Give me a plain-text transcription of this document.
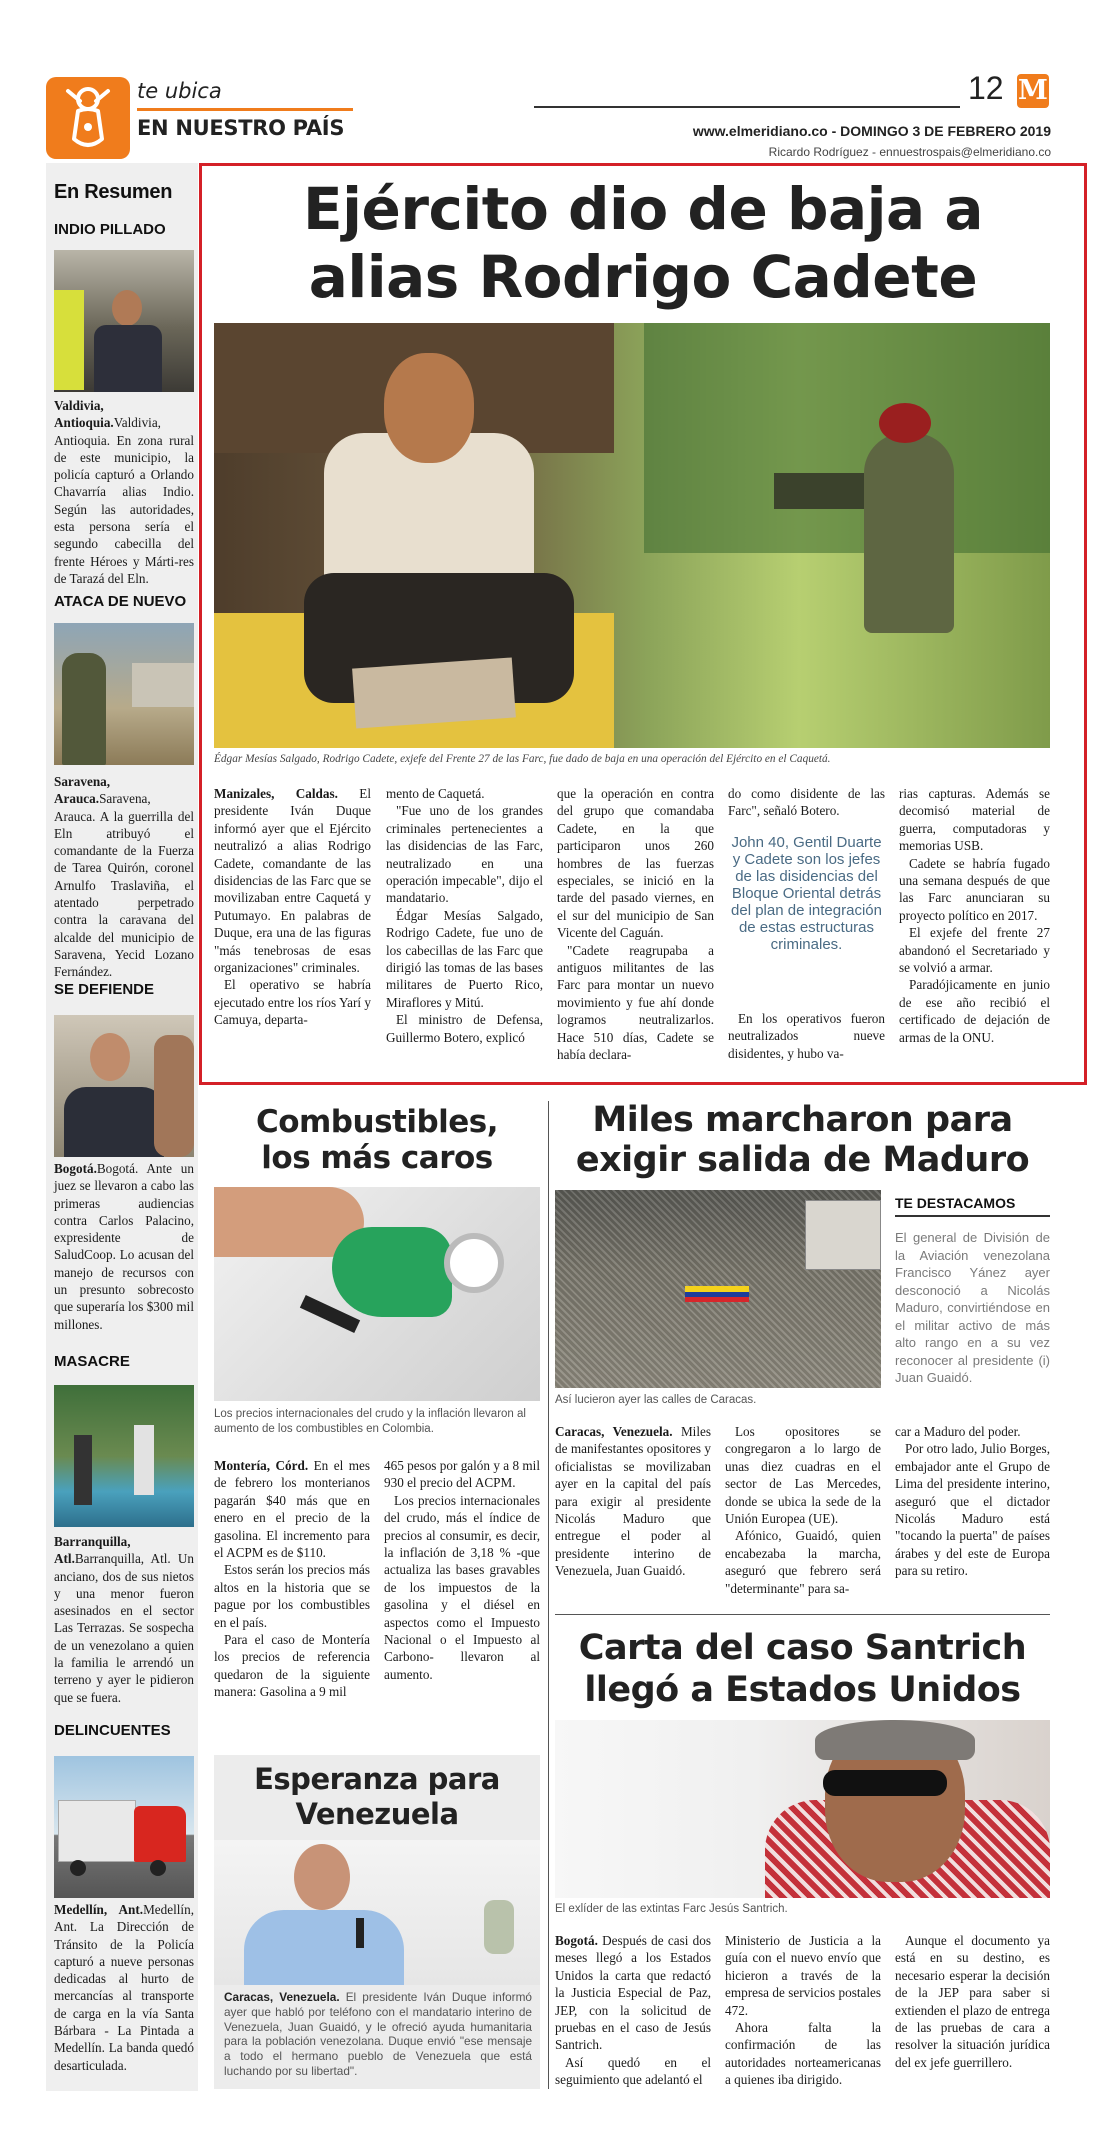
te ubica
EN NUESTRO PAÍS
12 M
www.elmeridiano.co - DOMINGO 3 DE FEBRERO 2019
Ricardo Rodríguez - ennuestrospais@elmeridiano.co
En Resumen
INDIO PILLADO
Valdivia, Antioquia.Valdivia, Antioquia. En zona rural de este municipio, la policía capturó a Orlando Chavarría alias Indio. Según las autoridades, esta persona sería el segundo cabecilla del frente Héroes y Márti-res de Tarazá del Eln.
ATACA DE NUEVO
Saravena, Arauca.Saravena, Arauca. A la guerrilla del Eln atribuyó el comandante de la Fuerza de Tarea Quirón, coronel Arnulfo Traslaviña, el atentado perpetrado contra la caravana del alcalde del municipio de Saravena, Yecid Lozano Fernández.
SE DEFIENDE
Bogotá.Bogotá. Ante un juez se llevaron a cabo las primeras audiencias contra Carlos Palacino, expresidente de SaludCoop. Lo acusan del manejo de recursos con un presunto sobrecosto que superaría los $300 mil millones.
MASACRE
Barranquilla, Atl.Barranquilla, Atl. Un anciano, dos de sus nietos y una menor fueron asesinados en el sector Las Terrazas. Se sospecha de un venezolano a quien la familia le arrendó un terreno y ayer le pidieron que se fuera.
DELINCUENTES
Medellín, Ant.Medellín, Ant. La Dirección de Tránsito de la Policía capturó a nueve personas dedicadas al hurto de mercancías al transporte de carga en la vía Santa Bárbara - La Pintada a Medellín. La banda quedó desarticulada.
Ejército dio de baja a
alias Rodrigo Cadete
Édgar Mesías Salgado, Rodrigo Cadete, exjefe del Frente 27 de las Farc, fue dado de baja en una operación del Ejército en el Caquetá.

Manizales, Caldas. El presidente Iván Duque informó ayer que el Ejército neutralizó a alias Rodrigo Cadete, comandante de las disidencias de las Farc que se movilizaban entre Caquetá y Putumayo. En palabras de Duque, era una de las figuras "más tenebrosas de esas organizaciones" criminales.

El operativo se habría ejecutado entre los ríos Yarí y Camuya, departa-

mento de Caquetá.

"Fue uno de los grandes criminales pertenecientes a las disidencias de las Farc, neutralizado en una operación impecable", dijo el mandatario.

Édgar Mesías Salgado, Rodrigo Cadete, fue uno de los cabecillas de las Farc que dirigió las tomas de las bases militares de Puerto Rico, Miraflores y Mitú.

El ministro de Defensa, Guillermo Botero, explicó

que la operación en contra del grupo que comandaba Cadete, en la que participaron unos 260 hombres de las fuerzas especiales, se inició en la tarde del pasado viernes, en el sur del municipio de San Vicente del Caguán.

"Cadete reagrupaba a antiguos militantes de las Farc para montar un nuevo movimiento y fue ahí donde logramos neutralizarlos. Hace 510 días, Cadete se había declara-

do como disidente de las Farc", señaló Botero.

John 40, Gentil Duarte y Cadete son los jefes de las disidencias del Bloque Oriental detrás del plan de integración de estas estructuras criminales.

En los operativos fueron neutralizados nueve disidentes, y hubo va-

rias capturas. Además se decomisó material de guerra, computadoras y memorias USB.

Cadete se habría fugado una semana después de que las Farc anunciaran su proyecto político en 2017.

El exjefe del frente 27 abandonó el Secretariado y se volvió a armar.

Paradójicamente en junio de ese año recibió el certificado de dejación de armas de la ONU.

Combustibles,
los más caros
Los precios internacionales del crudo y la inflación llevaron al aumento de los combustibles en Colombia.

Montería, Córd. En el mes de febrero los monterianos pagarán $40 más que en enero en el precio de la gasolina. El incremento para el ACPM es de $110.

Estos serán los precios más altos en la historia que se pague por los combustibles en el país.

Para el caso de Montería los precios de referencia quedaron de la siguiente manera: Gasolina a 9 mil

465 pesos por galón y a 8 mil 930 el precio del ACPM.

Los precios internacionales del crudo, más el índice de precios al consumir, es decir, la inflación de 3,18 % -que actualiza las bases gravables de los impuestos de la gasolina y el diésel en aspectos como el Impuesto Nacional o el Impuesto al Carbono- llevaron al aumento.

Esperanza para
Venezuela
Caracas, Venezuela. El presidente Iván Duque informó ayer que habló por teléfono con el mandatario interino de Venezuela, Juan Guaidó, y le ofreció ayuda humanitaria para la población venezolana. Duque envió "ese mensaje a todo el hermano pueblo de Venezuela que está luchando por su libertad".
Miles marcharon para
exigir salida de Maduro
Así lucieron ayer las calles de Caracas.
TE DESTACAMOS
El general de División de la Aviación venezolana Francisco Yánez ayer desconoció a Nicolás Maduro, convirtiéndose en el militar activo de más alto rango en a su vez reconocer al presidente (i) Juan Guaidó.

Caracas, Venezuela. Miles de manifestantes opositores y oficialistas se movilizaban ayer en la capital del país para exigir al presidente Nicolás Maduro que entregue el poder al presidente interino de Venezuela, Juan Guaidó.

Los opositores se congregaron a lo largo de unas diez cuadras en el sector de Las Mercedes, donde se ubica la sede de la Unión Europea (UE).

Afónico, Guaidó, quien encabezaba la marcha, aseguró que febrero será "determinante" para sa-

car a Maduro del poder.

Por otro lado, Julio Borges, embajador ante el Grupo de Lima del presidente interino, aseguró que el dictador Nicolás Maduro está "tocando la puerta" de países árabes y del este de Europa para su retiro.

Carta del caso Santrich
llegó a Estados Unidos
El exlíder de las extintas Farc Jesús Santrich.

Bogotá. Después de casi dos meses llegó a los Estados Unidos la carta que redactó la Justicia Especial de Paz, JEP, con la solicitud de pruebas en el caso de Jesús Santrich.

Así quedó en el seguimiento que adelantó el

Ministerio de Justicia a la guía con el nuevo envío que hicieron a través de la empresa de servicios postales 472.

Ahora falta la confirmación de las autoridades norteamericanas a quienes iba dirigido.

Aunque el documento ya está en su destino, es necesario esperar la decisión de la JEP para saber si extienden el plazo de entrega de las pruebas de cara a resolver la situación jurídica del ex jefe guerrillero.
